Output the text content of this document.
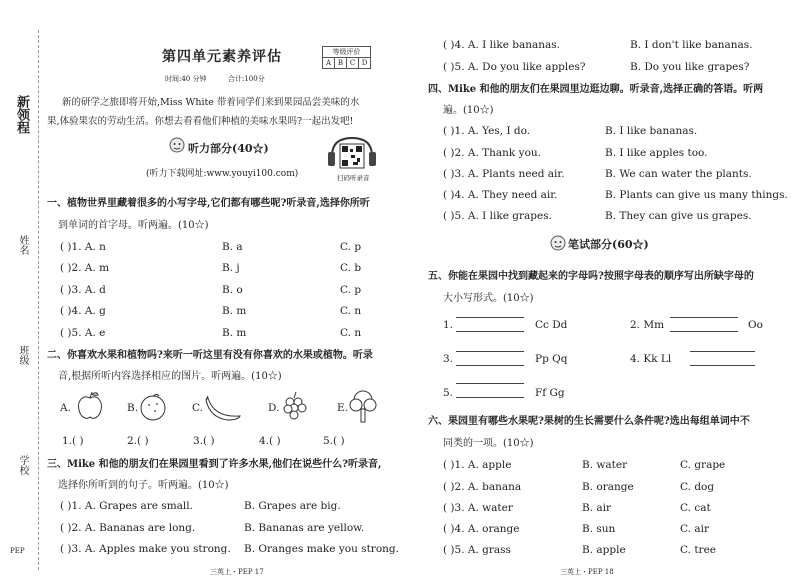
新领程
姓名
班级
学校
PEP
第四单元素养评估
时间:40 分钟	合计:100分
等级评价
A	B	C	D
新的研学之旅即将开始,Miss White 带着同学们来到果园品尝美味的水
果,体验果农的劳动生活。你想去看看他们种植的美味水果吗?一起出发吧!
听力部分(40☆)
(听力下载网址:www.youyi100.com)	扫码听录音
一、植物世界里藏着很多的小写字母,它们都有哪些呢?听录音,选择你所听
到单词的首字母。听两遍。(10☆)
( )1. A. n	B. a	C. p
( )2. A. m	B. j	C. b
( )3. A. d	B. o	C. p
( )4. A. g	B. m	C. n
( )5. A. e	B. m	C. n
二、你喜欢水果和植物吗?来听一听这里有没有你喜欢的水果或植物。听录
音,根据所听内容选择相应的图片。听两遍。(10☆)
A.	B.	C.	D.	E.
1.( )	2.( )	3.( )	4.( )	5.( )
三、Mike 和他的朋友们在果园里看到了许多水果,他们在说些什么?听录音,
选择你所听到的句子。听两遍。(10☆)
( )1. A. Grapes are small.	B. Grapes are big.
( )2. A. Bananas are long.	B. Bananas are yellow.
( )3. A. Apples make you strong. B. Oranges make you strong.
三英上・PEP 17
( )4. A. I like bananas.	B. I don't like bananas.
( )5. A. Do you like apples?	B. Do you like grapes?
四、Mike 和他的朋友们在果园里边逛边聊。听录音,选择正确的答语。听两
遍。(10☆)
( )1. A. Yes, I do.	B. I like bananas.
( )2. A. Thank you.	B. I like apples too.
( )3. A. Plants need air.	B. We can water the plants.
( )4. A. They need air.	B. Plants can give us many things.
( )5. A. I like grapes.	B. They can give us grapes.
笔试部分(60☆)
五、你能在果园中找到藏起来的字母吗?按照字母表的顺序写出所缺字母的
大小写形式。(10☆)
1.	Cc Dd	2. Mm	Oo
3.	Pp Qq	4. Kk Ll
5.	Ff Gg
六、果园里有哪些水果呢?果树的生长需要什么条件呢?选出每组单词中不
同类的一项。(10☆)
( )1. A. apple	B. water	C. grape
( )2. A. banana	B. orange	C. dog
( )3. A. water	B. air	C. cat
( )4. A. orange	B. sun	C. air
( )5. A. grass	B. apple	C. tree
三英上・PEP 18
